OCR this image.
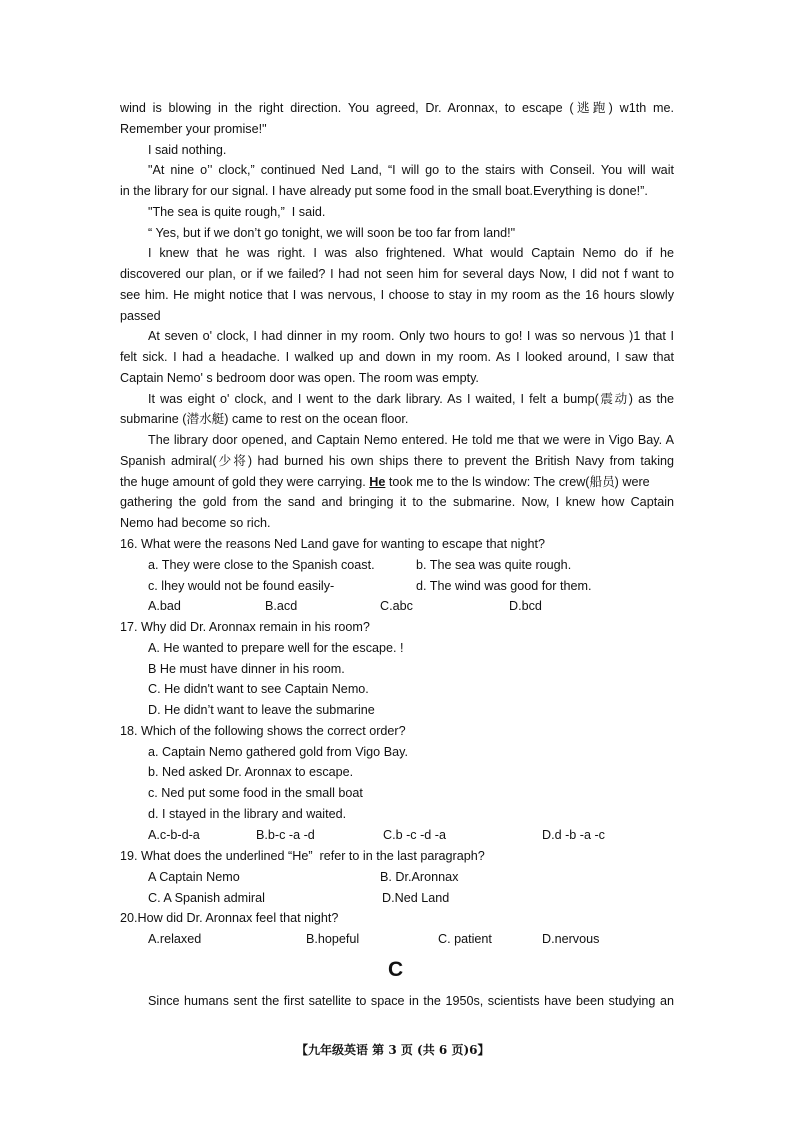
wind is blowing in the right direction. You agreed, Dr. Aronnax, to escape (逃跑) w1th me.
Remember your promise!"
I said nothing.
"At nine o’' clock,” continued Ned Land, “I will go to the stairs with Conseil. You will wait
in the library for our signal. I have already put some food in the small boat.Everything is done!”.
"The sea is quite rough,”  I said.
“ Yes, but if we don’t go tonight, we will soon be too far from land!"
I knew that he was right. I was also frightened. What would Captain Nemo do if he
discovered our plan, or if we failed? I had not seen him for several days Now, I did not f want to
see him. He might notice that I was nervous, I choose to stay in my room as the 16 hours slowly
passed
At seven o' clock, I had dinner in my room. Only two hours to go! I was so nervous )1 that I
felt sick. I had a headache. I walked up and down in my room. As I looked around, I saw that
Captain Nemo' s bedroom door was open. The room was empty.
It was eight o' clock, and I went to the dark library. As I waited, I felt a bump(震动) as the
submarine (潜水艇) came to rest on the ocean floor.
The library door opened, and Captain Nemo entered. He told me that we were in Vigo Bay. A
Spanish admiral(少将) had burned his own ships there to prevent the British Navy from taking
the huge amount of gold they were carrying. He took me to the ls window: The crew(船员) were
gathering the gold from the sand and bringing it to the submarine. Now, I knew how Captain
Nemo had become so rich.
16. What were the reasons Ned Land gave for wanting to escape that night?
a. They were close to the Spanish coast.	b. The sea was quite rough.
c. lhey would not be found easily-	d. The wind was good for them.
A.bad	B.acd	C.abc	D.bcd
17. Why did Dr. Aronnax remain in his room?
A. He wanted to prepare well for the escape. !
B He must have dinner in his room.
C. He didn't want to see Captain Nemo.
D. He didn’t want to leave the submarine
18. Which of the following shows the correct order?
a. Captain Nemo gathered gold from Vigo Bay.
b. Ned asked Dr. Aronnax to escape.
c. Ned put some food in the small boat
d. I stayed in the library and waited.
A.c-b-d-a	B.b-c -a -d	C.b -c -d -a	D.d -b -a -c
19. What does the underlined “He”  refer to in the last paragraph?
A Captain Nemo	B. Dr.Aronnax
C. A Spanish admiral	D.Ned Land
20.How did Dr. Aronnax feel that night?
A.relaxed	B.hopeful	C. patient	D.nervous
C
Since humans sent the first satellite to space in the 1950s, scientists have been studying an
【九年级英语 第 3 页 (共 6 页)6】
